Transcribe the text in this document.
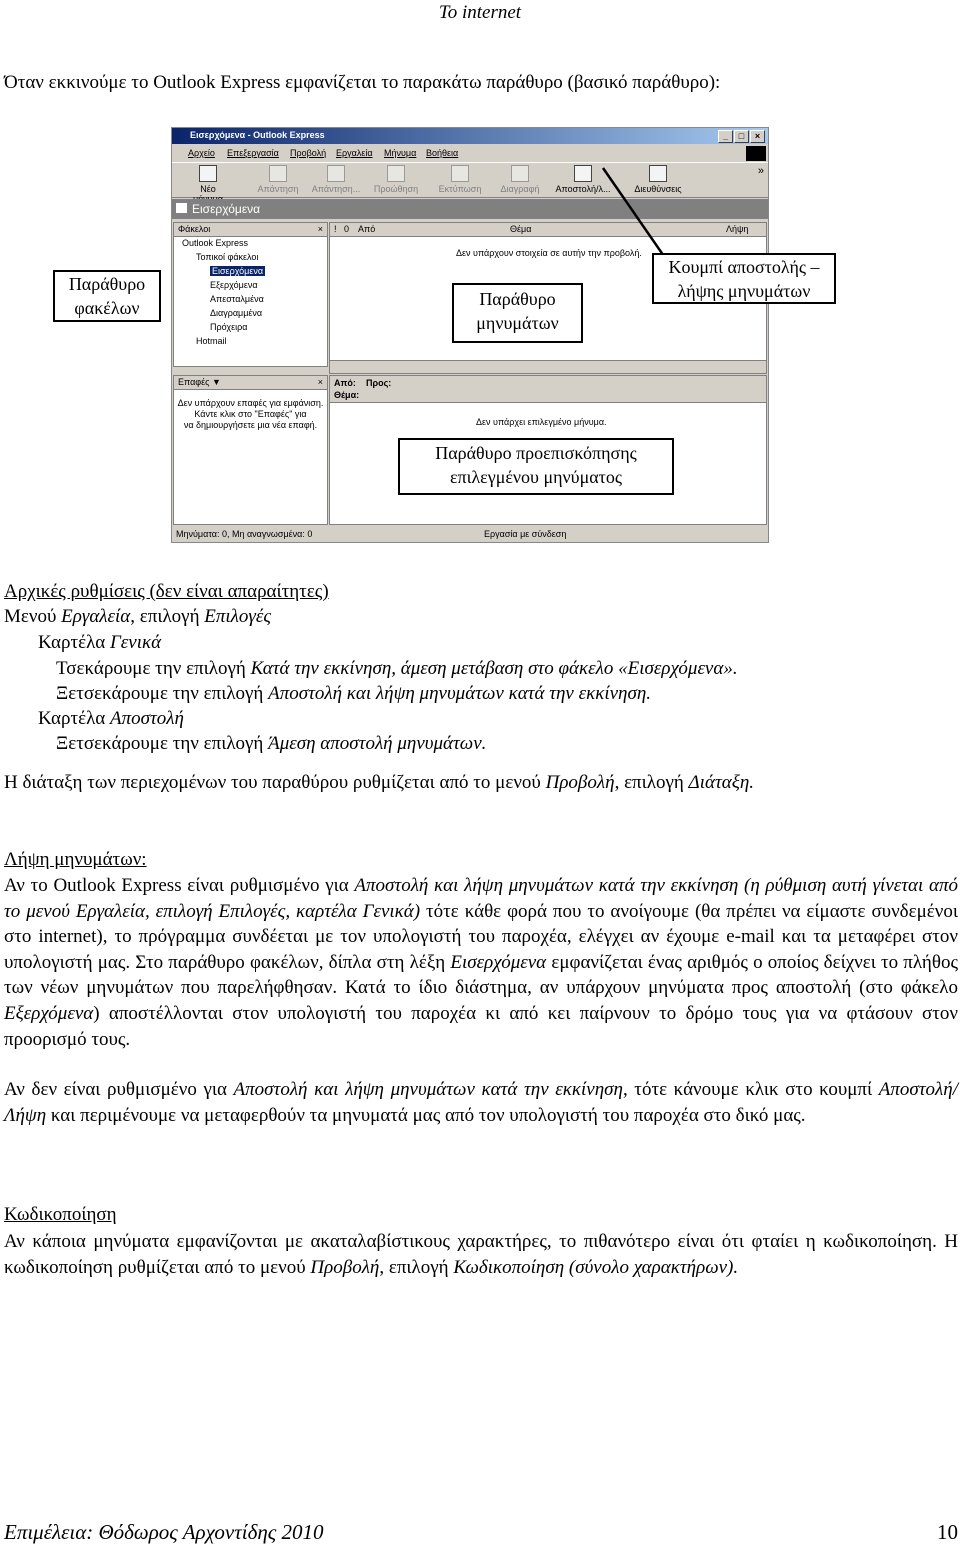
To internet
Όταν εκκινούμε το Outlook Express εμφανίζεται το παρακάτω παράθυρο (βασικό παράθυρο):
Εισερχόμενα - Outlook Express	_ □ ×
Αρχείο Επεξεργασία Προβολή Εργαλεία Μήνυμα Βοήθεια
Νέο	Απάντηση	Απάντηση... Προώθηση Εκτύπωση	Διαγραφή	Αποστολή/λ...	Διευθύνσεις
»
Εισερχόμενα
Φάκελοι	×
Outlook Express
Τοπικοί φάκελοι
Εισερχόμενα
Εξερχόμενα
Απεσταλμένα
Διαγραμμένα
Πρόχειρα
Hotmail
! 0 Από	Θέμα	Λήψη
Δεν υπάρχουν στοιχεία σε αυτήν την προβολή.
Επαφές ▼	×
Δεν υπάρχουν επαφές για εμφάνιση.
Κάντε κλικ στο "Επαφές" για
να δημιουργήσετε μια νέα επαφή.
Από: Προς:
Θέμα:
Δεν υπάρχει επιλεγμένο μήνυμα.
Μηνύματα: 0, Μη αναγνωσμένα: 0	Εργασία με σύνδεση
Παράθυρο
φακέλων	Παράθυρο
μηνυμάτων
Κουμπί αποστολής –
λήψης μηνυμάτων
Παράθυρο προεπισκόπησης
επιλεγμένου μηνύματος
Αρχικές ρυθμίσεις (δεν είναι απαραίτητες)
Μενού Εργαλεία, επιλογή Επιλογές
Καρτέλα Γενικά
Τσεκάρουμε την επιλογή Κατά την εκκίνηση, άμεση μετάβαση στο φάκελο «Εισερχόμενα».
Ξετσεκάρουμε την επιλογή Αποστολή και λήψη μηνυμάτων κατά την εκκίνηση.
Καρτέλα Αποστολή
Ξετσεκάρουμε την επιλογή Άμεση αποστολή μηνυμάτων.
Η διάταξη των περιεχομένων του παραθύρου ρυθμίζεται από το μενού Προβολή, επιλογή Διάταξη.
Λήψη μηνυμάτων:
Αν το Outlook Express είναι ρυθμισμένο για Αποστολή και λήψη μηνυμάτων κατά την εκκίνηση (η ρύθμιση αυτή γίνεται από το μενού Εργαλεία, επιλογή Επιλογές, καρτέλα Γενικά) τότε κάθε φορά που το ανοίγουμε (θα πρέπει να είμαστε συνδεμένοι στο internet), το πρόγραμμα συνδέεται με τον υπολογιστή του παροχέα, ελέγχει αν έχουμε e-mail και τα μεταφέρει στον υπολογιστή μας. Στο παράθυρο φακέλων, δίπλα στη λέξη Εισερχόμενα εμφανίζεται ένας αριθμός ο οποίος δείχνει το πλήθος των νέων μηνυμάτων που παρελήφθησαν. Κατά το ίδιο διάστημα, αν υπάρχουν μηνύματα προς αποστολή (στο φάκελο Εξερχόμενα) αποστέλλονται στον υπολογιστή του παροχέα κι από κει παίρνουν το δρόμο τους για να φτάσουν στον προορισμό τους.
Αν δεν είναι ρυθμισμένο για Αποστολή και λήψη μηνυμάτων κατά την εκκίνηση, τότε κάνουμε κλικ στο κουμπί Αποστολή/Λήψη και περιμένουμε να μεταφερθούν τα μηνυματά μας από τον υπολογιστή του παροχέα στο δικό μας.
Κωδικοποίηση
Αν κάποια μηνύματα εμφανίζονται με ακαταλαβίστικους χαρακτήρες, το πιθανότερο είναι ότι φταίει η κωδικοποίηση. Η κωδικοποίηση ρυθμίζεται από το μενού Προβολή, επιλογή Κωδικοποίηση (σύνολο χαρακτήρων).
Επιμέλεια: Θόδωρος Αρχοντίδης 2010	10
